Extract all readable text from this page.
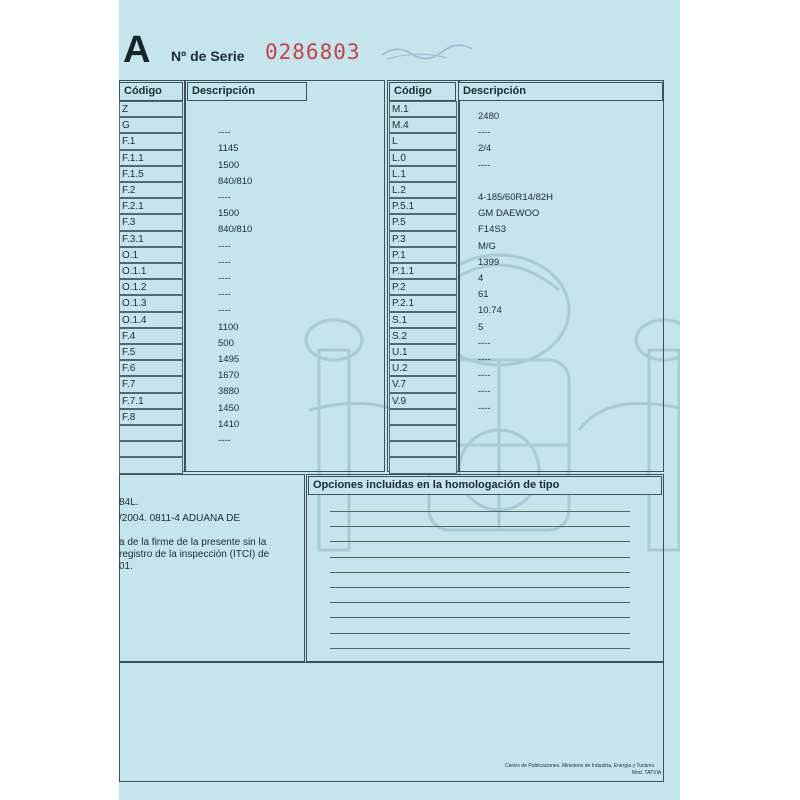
A Nº de Serie 0286803
Código	Descripción
Z
G
----
F.1
1145
F.1.1
1500
F.1.5
840/810
F.2
----
F.2.1
1500
F.3
840/810
F.3.1
----
O.1
----
O.1.1
----
O.1.2
----
O.1.3
----
O.1.4
1100
F.4
500
F.5
1495
F.6
1670
F.7
3880
F.7.1
1450
F.8
1410
----
Código	Descripción
M.1
2480
M.4
----
L
2/4
L.0
----
L.1
L.2
4-185/60R14/82H
P.5.1
GM DAEWOO
P.5
F14S3
P.3
M/G
P.1
1399
P.1.1
4
P.2
61
P.2.1
10.74
S.1
5
S.2
----
U.1
----
U.2
----
V.7
----
V.9
----
84L.
/2004. 0811-4 ADUANA DE
a de la firme de la presente sin la
registro de la inspección (ITCI) de
01.
Opciones incluidas en la homologación de tipo
Centro de Publicaciones. Ministerio de Industria, Energía y Turismo
Mod. TATVIA
